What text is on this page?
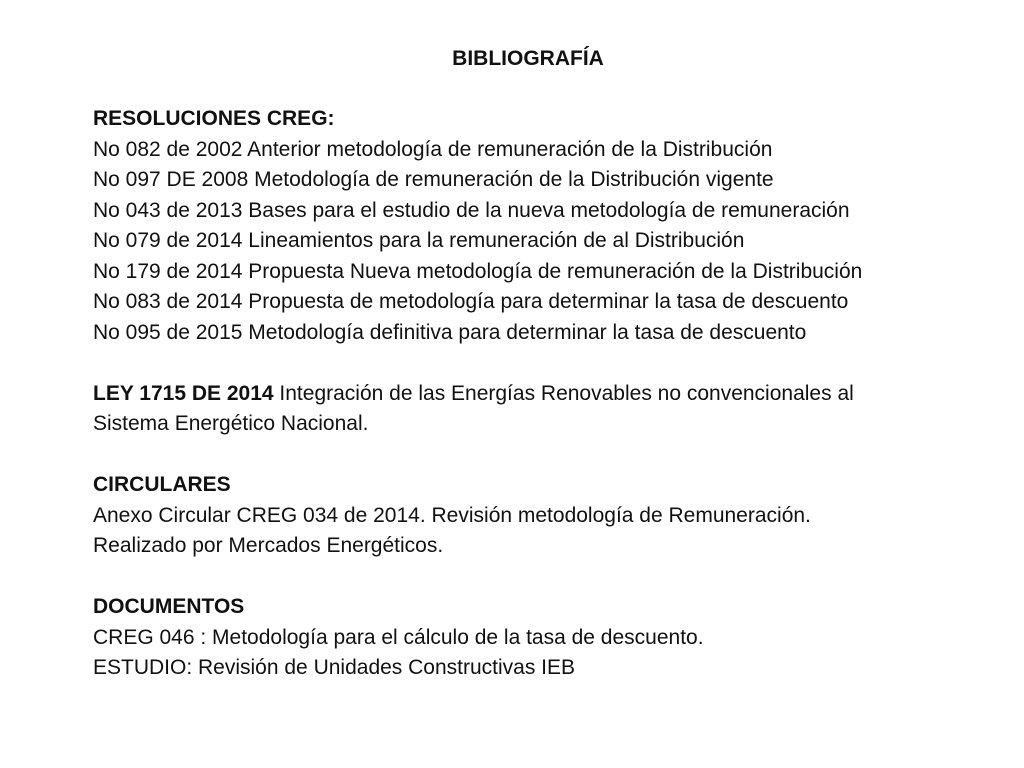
BIBLIOGRAFÍA
RESOLUCIONES CREG:
No 082 de 2002 Anterior metodología de remuneración de la Distribución
No 097 DE 2008 Metodología de remuneración de la Distribución vigente
No 043 de 2013 Bases para el estudio de la nueva metodología de remuneración
No 079 de 2014 Lineamientos para la remuneración de al Distribución
No 179 de 2014 Propuesta Nueva metodología de remuneración de la Distribución
No 083 de 2014 Propuesta de metodología para determinar la tasa de descuento
No 095 de 2015 Metodología definitiva para determinar la tasa de descuento
LEY 1715 DE 2014 Integración de las Energías Renovables no convencionales al
Sistema Energético Nacional.
CIRCULARES
Anexo Circular CREG 034 de 2014. Revisión metodología de Remuneración.
Realizado por Mercados Energéticos.
DOCUMENTOS
CREG 046 : Metodología para el cálculo de la tasa de descuento.
ESTUDIO: Revisión de Unidades Constructivas IEB
